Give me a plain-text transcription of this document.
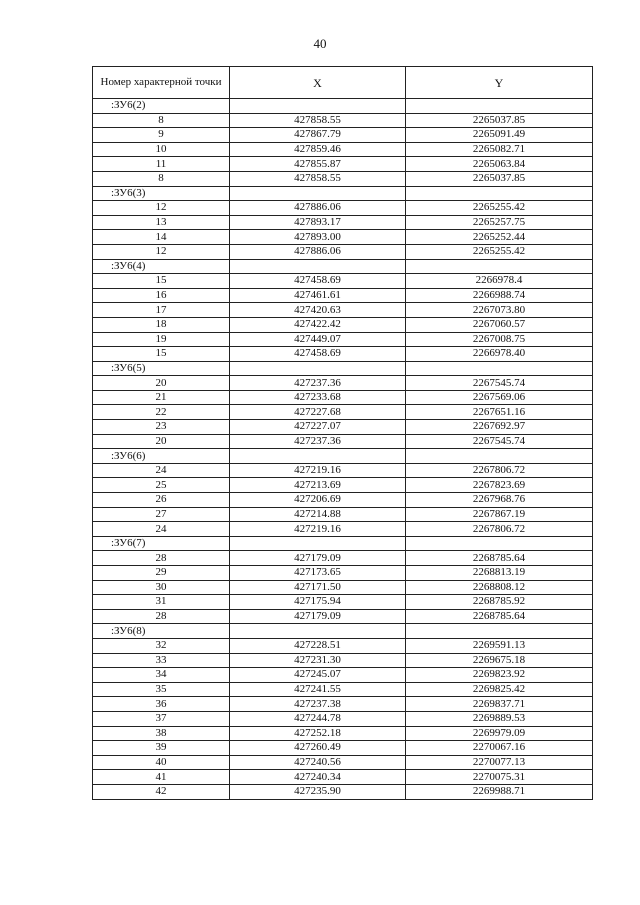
40
Номер характерной точки	X	Y
:ЗУ6(2)		
8	427858.55	2265037.85
9	427867.79	2265091.49
10	427859.46	2265082.71
11	427855.87	2265063.84
8	427858.55	2265037.85
:ЗУ6(3)		
12	427886.06	2265255.42
13	427893.17	2265257.75
14	427893.00	2265252.44
12	427886.06	2265255.42
:ЗУ6(4)		
15	427458.69	2266978.4
16	427461.61	2266988.74
17	427420.63	2267073.80
18	427422.42	2267060.57
19	427449.07	2267008.75
15	427458.69	2266978.40
:ЗУ6(5)		
20	427237.36	2267545.74
21	427233.68	2267569.06
22	427227.68	2267651.16
23	427227.07	2267692.97
20	427237.36	2267545.74
:ЗУ6(6)		
24	427219.16	2267806.72
25	427213.69	2267823.69
26	427206.69	2267968.76
27	427214.88	2267867.19
24	427219.16	2267806.72
:ЗУ6(7)		
28	427179.09	2268785.64
29	427173.65	2268813.19
30	427171.50	2268808.12
31	427175.94	2268785.92
28	427179.09	2268785.64
:ЗУ6(8)		
32	427228.51	2269591.13
33	427231.30	2269675.18
34	427245.07	2269823.92
35	427241.55	2269825.42
36	427237.38	2269837.71
37	427244.78	2269889.53
38	427252.18	2269979.09
39	427260.49	2270067.16
40	427240.56	2270077.13
41	427240.34	2270075.31
42	427235.90	2269988.71
